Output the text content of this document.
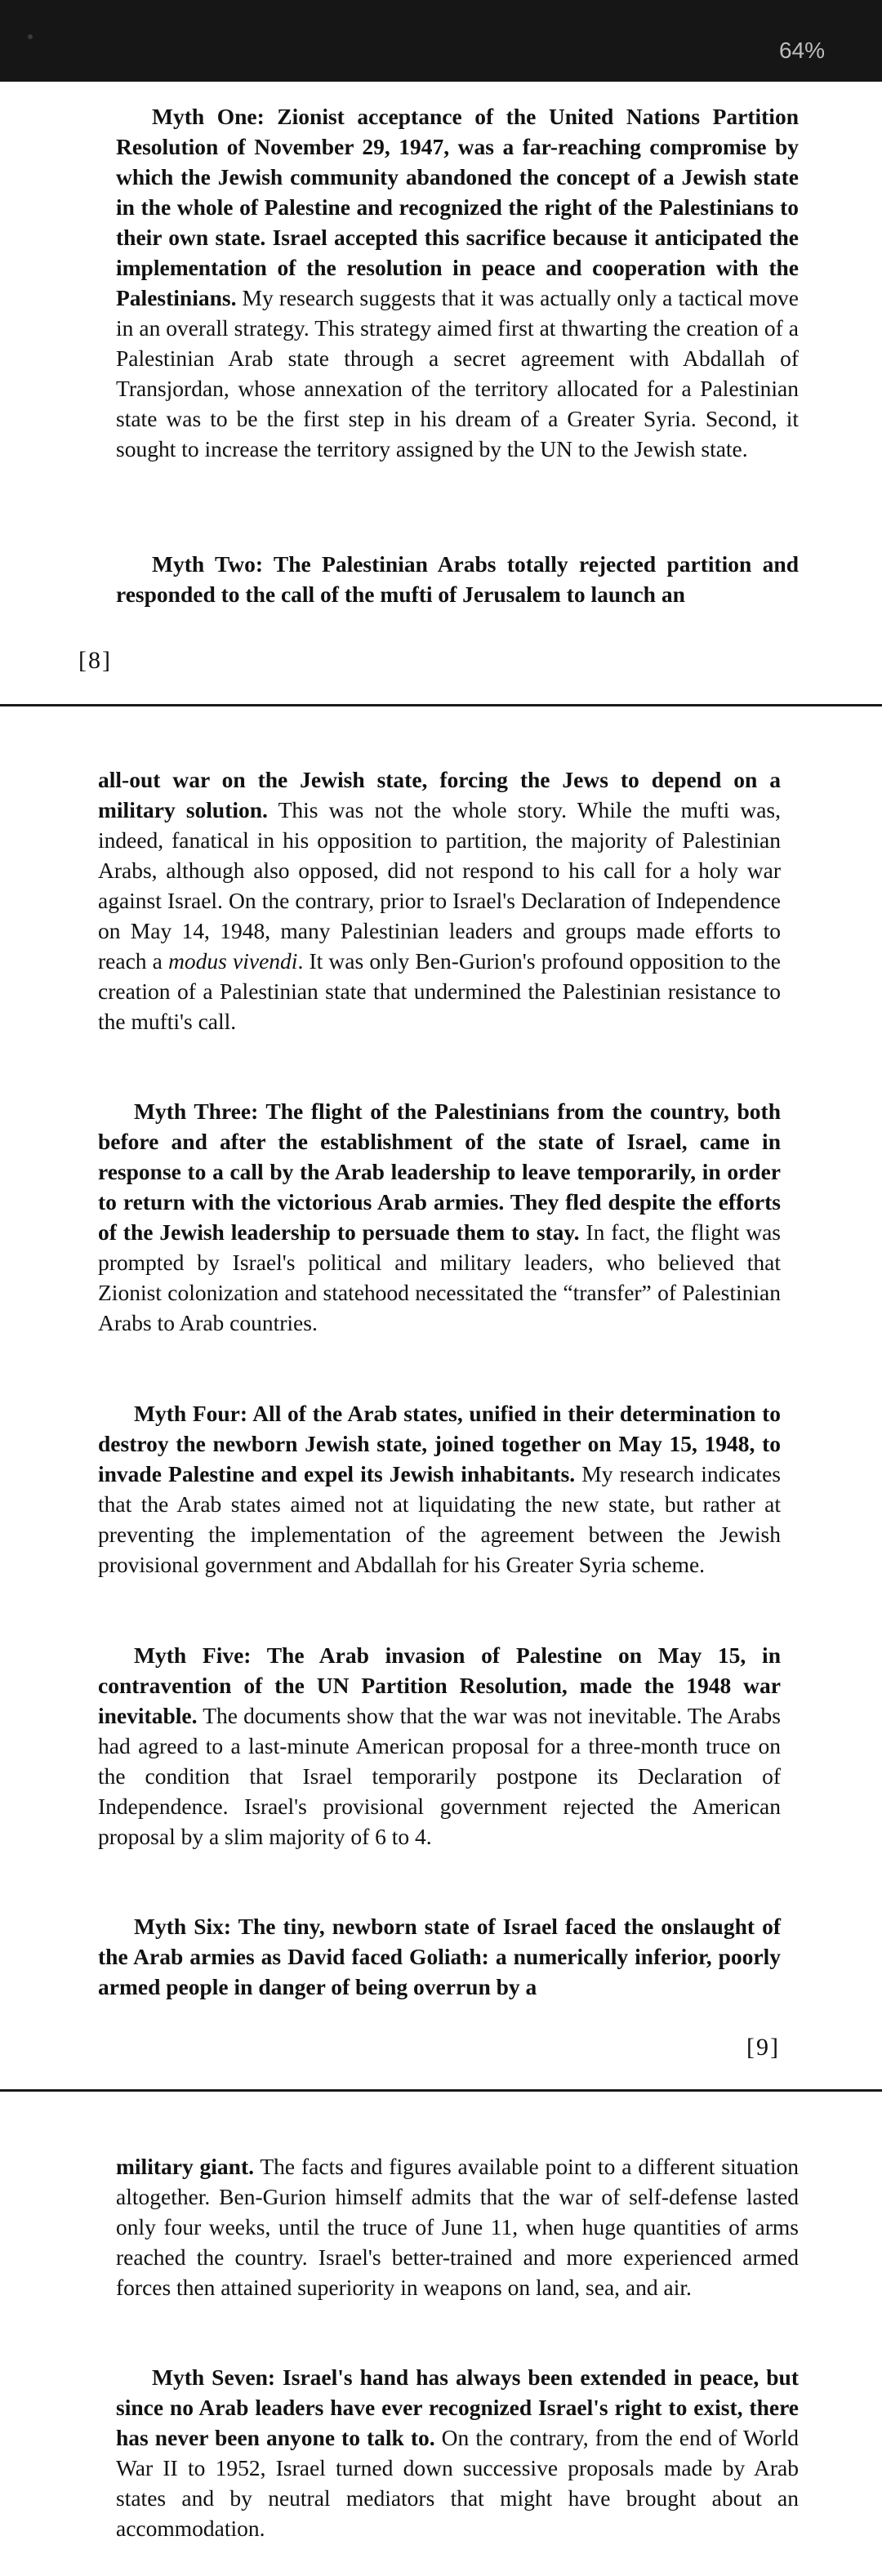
64%

Myth One: Zionist acceptance of the United Nations Partition Resolution of November 29, 1947, was a far-reaching compromise by which the Jewish community abandoned the concept of a Jewish state in the whole of Palestine and recognized the right of the Palestinians to their own state. Israel accepted this sacrifice because it anticipated the implementation of the resolution in peace and cooperation with the Palestinians. My research suggests that it was actually only a tactical move in an overall strategy. This strategy aimed first at thwarting the creation of a Palestinian Arab state through a secret agreement with Abdallah of Transjordan, whose annexation of the territory allocated for a Palestinian state was to be the first step in his dream of a Greater Syria. Second, it sought to increase the territory assigned by the UN to the Jewish state.

Myth Two: The Palestinian Arabs totally rejected partition and responded to the call of the mufti of Jerusalem to launch an

[8]

all-out war on the Jewish state, forcing the Jews to depend on a military solution. This was not the whole story. While the mufti was, indeed, fanatical in his opposition to partition, the majority of Palestinian Arabs, although also opposed, did not respond to his call for a holy war against Israel. On the contrary, prior to Israel's Declaration of Independence on May 14, 1948, many Palestinian leaders and groups made efforts to reach a modus vivendi. It was only Ben-Gurion's profound opposition to the creation of a Palestinian state that undermined the Palestinian resistance to the mufti's call.

Myth Three: The flight of the Palestinians from the country, both before and after the establishment of the state of Israel, came in response to a call by the Arab leadership to leave temporarily, in order to return with the victorious Arab armies. They fled despite the efforts of the Jewish leadership to persuade them to stay. In fact, the flight was prompted by Israel's political and military leaders, who believed that Zionist colonization and statehood necessitated the “transfer” of Palestinian Arabs to Arab countries.

Myth Four: All of the Arab states, unified in their determination to destroy the newborn Jewish state, joined together on May 15, 1948, to invade Palestine and expel its Jewish inhabitants. My research indicates that the Arab states aimed not at liquidating the new state, but rather at preventing the implementation of the agreement between the Jewish provisional government and Abdallah for his Greater Syria scheme.

Myth Five: The Arab invasion of Palestine on May 15, in contravention of the UN Partition Resolution, made the 1948 war inevitable. The documents show that the war was not inevitable. The Arabs had agreed to a last-minute American proposal for a three-month truce on the condition that Israel temporarily postpone its Declaration of Independence. Israel's provisional government rejected the American proposal by a slim majority of 6 to 4.

Myth Six: The tiny, newborn state of Israel faced the onslaught of the Arab armies as David faced Goliath: a numerically inferior, poorly armed people in danger of being overrun by a

[9]

military giant. The facts and figures available point to a different situation altogether. Ben-Gurion himself admits that the war of self-defense lasted only four weeks, until the truce of June 11, when huge quantities of arms reached the country. Israel's better-trained and more experienced armed forces then attained superiority in weapons on land, sea, and air.

Myth Seven: Israel's hand has always been extended in peace, but since no Arab leaders have ever recognized Israel's right to exist, there has never been anyone to talk to. On the contrary, from the end of World War II to 1952, Israel turned down successive proposals made by Arab states and by neutral mediators that might have brought about an accommodation.
